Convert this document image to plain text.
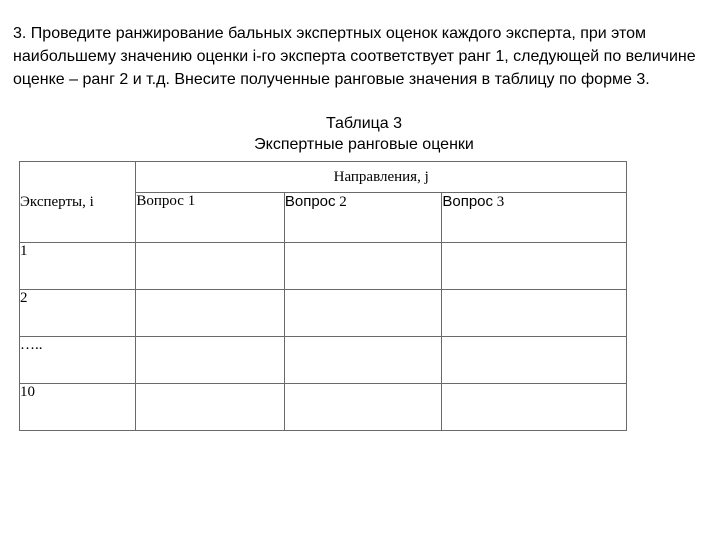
3. Проведите ранжирование бальных экспертных оценок каждого эксперта, при этом наибольшему значению оценки i-го эксперта соответствует ранг 1, следующей по величине оценке – ранг 2 и т.д. Внесите полученные ранговые значения в таблицу по форме 3.

Таблица 3
Экспертные ранговые оценки
Эксперты, i	Направления, j		
	Вопрос 1	Вопрос 2	Вопрос 3
1			
2			
…..			
10			
